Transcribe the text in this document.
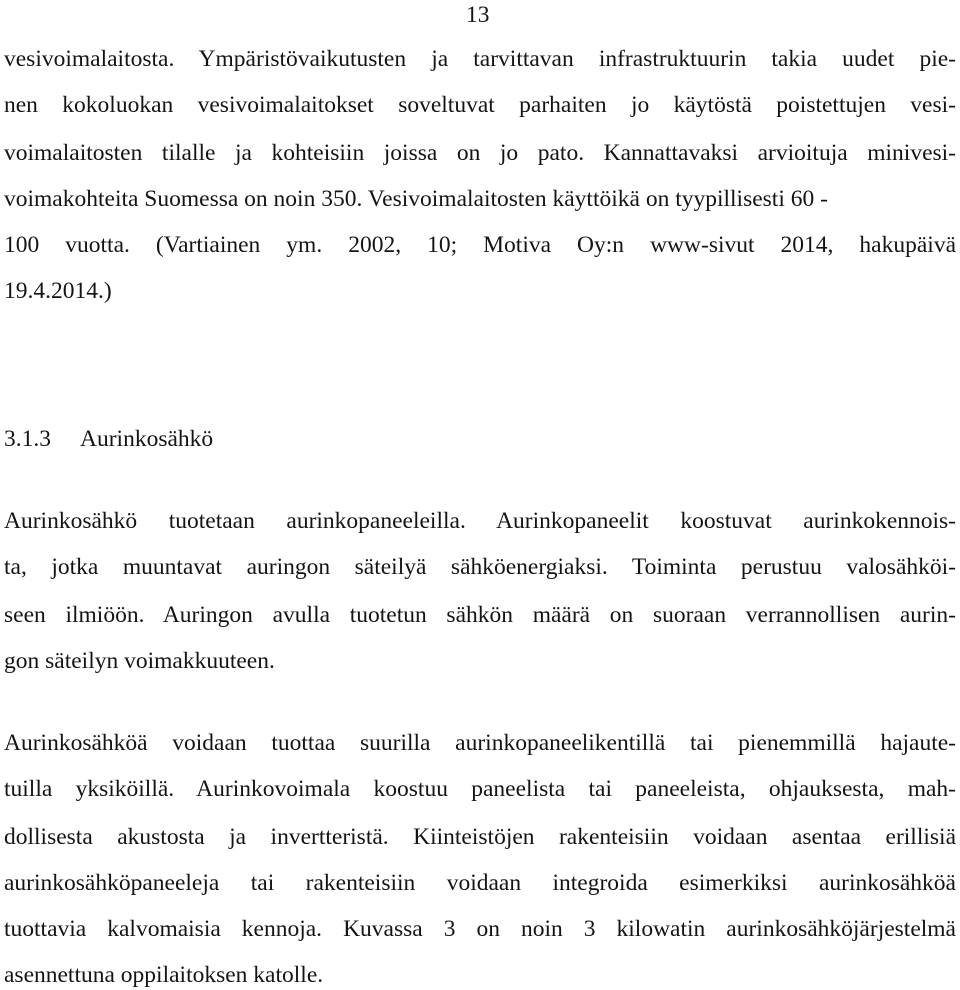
13
vesivoimalaitosta. Ympäristövaikutusten ja tarvittavan infrastruktuurin takia uudet pie-
nen kokoluokan vesivoimalaitokset soveltuvat parhaiten jo käytöstä poistettujen vesi-
voimalaitosten tilalle ja kohteisiin joissa on jo pato. Kannattavaksi arvioituja minivesi-
voimakohteita Suomessa on noin 350. Vesivoimalaitosten käyttöikä on tyypillisesti 60 -
100 vuotta. (Vartiainen ym. 2002, 10; Motiva Oy:n www-sivut 2014, hakupäivä
19.4.2014.)
3.1.3 Aurinkosähkö
Aurinkosähkö tuotetaan aurinkopaneeleilla. Aurinkopaneelit koostuvat aurinkokennois-
ta, jotka muuntavat auringon säteilyä sähköenergiaksi. Toiminta perustuu valosähköi-
seen ilmiöön. Auringon avulla tuotetun sähkön määrä on suoraan verrannollisen aurin-
gon säteilyn voimakkuuteen.
Aurinkosähköä voidaan tuottaa suurilla aurinkopaneelikentillä tai pienemmillä hajaute-
tuilla yksiköillä. Aurinkovoimala koostuu paneelista tai paneeleista, ohjauksesta, mah-
dollisesta akustosta ja invertteristä. Kiinteistöjen rakenteisiin voidaan asentaa erillisiä
aurinkosähköpaneeleja tai rakenteisiin voidaan integroida esimerkiksi aurinkosähköä
tuottavia kalvomaisia kennoja. Kuvassa 3 on noin 3 kilowatin aurinkosähköjärjestelmä
asennettuna oppilaitoksen katolle.
